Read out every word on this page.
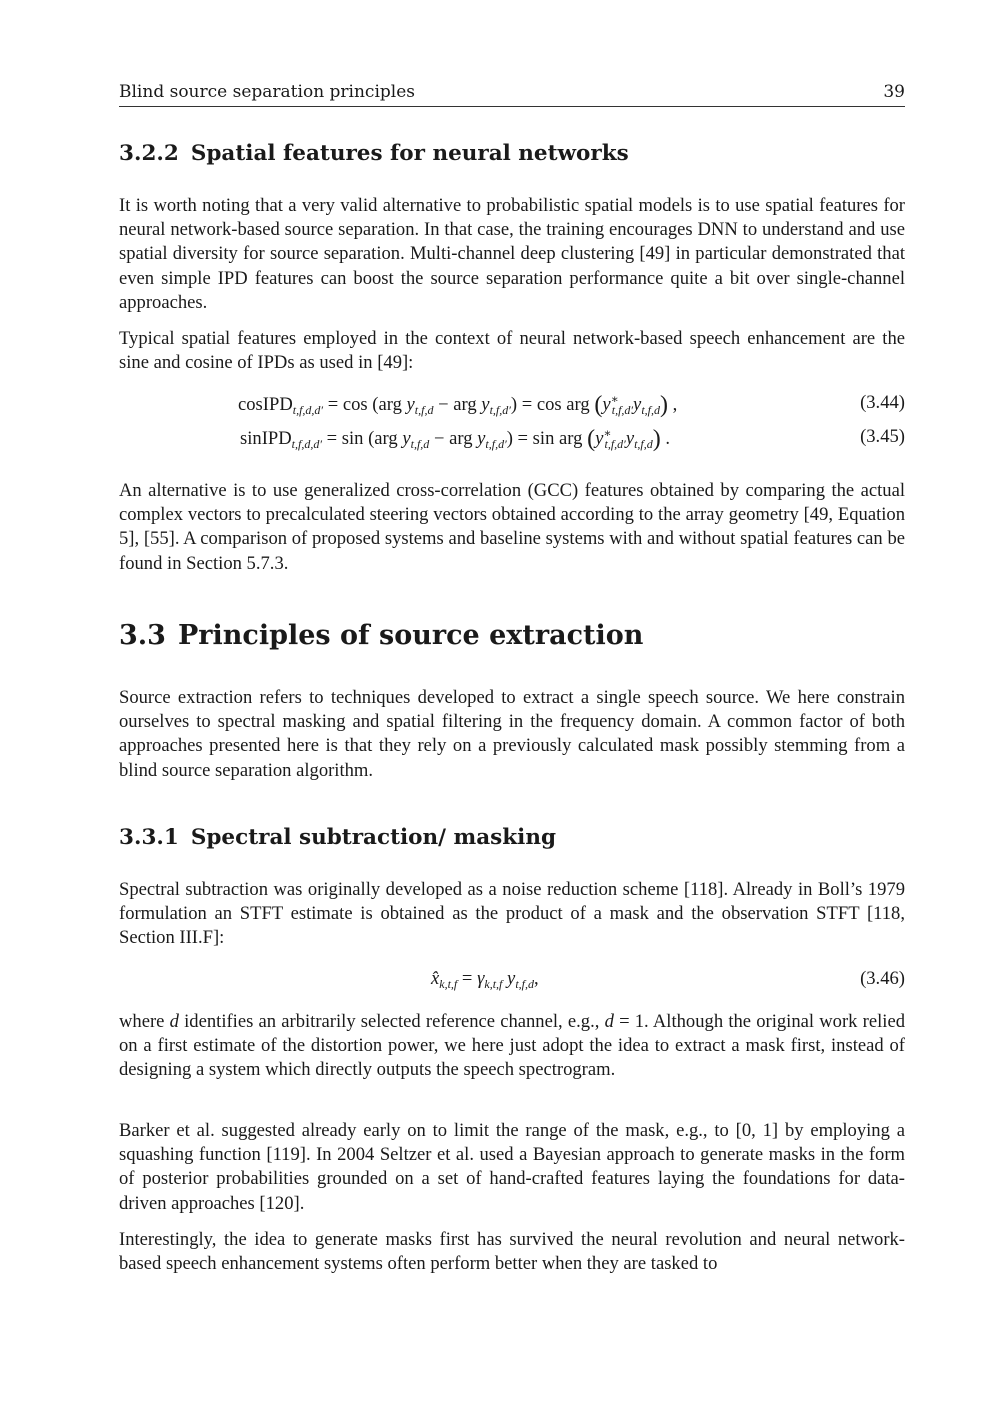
Blind source separation principles	39
3.2.2 Spatial features for neural networks
It is worth noting that a very valid alternative to probabilistic spatial models is to use spatial features for neural network-based source separation. In that case, the training encourages DNN to understand and use spatial diversity for source separation. Multi-channel deep clustering [49] in particular demonstrated that even simple IPD features can boost the source separation performance quite a bit over single-channel approaches.
Typical spatial features employed in the context of neural network-based speech enhancement are the sine and cosine of IPDs as used in [49]:
cosIPD$_{t,f,d,d'}$ = cos (arg $y_{t,f,d}$ − arg $y_{t,f,d'}) = \cos$ arg $(y^∗_{t,f,d'}y_{t,f,d})$ ,	(3.44)
sinIPD$_{t,f,d,d'}$ = sin (arg $y_{t,f,d}$ − arg $y_{t,f,d'}) = \sin$ arg $(y^∗_{t,f,d'}y_{t,f,d})$ .	(3.45)
An alternative is to use generalized cross-correlation (GCC) features obtained by comparing the actual complex vectors to precalculated steering vectors obtained according to the array geometry [49, Equation 5], [55]. A comparison of proposed systems and baseline systems with and without spatial features can be found in Section 5.7.3.
3.3 Principles of source extraction
Source extraction refers to techniques developed to extract a single speech source. We here constrain ourselves to spectral masking and spatial filtering in the frequency domain. A common factor of both approaches presented here is that they rely on a previously calculated mask possibly stemming from a blind source separation algorithm.
3.3.1 Spectral subtraction/ masking
Spectral subtraction was originally developed as a noise reduction scheme [118]. Already in Boll’s 1979 formulation an STFT estimate is obtained as the product of a mask and the observation STFT [118, Section III.F]:
$x̂_{k,t,f} = \gamma_{k,t,f}$ $y_{t,f,d}$,	(3.46)
where d identifies an arbitrarily selected reference channel, e.g., d = 1. Although the original work relied on a first estimate of the distortion power, we here just adopt the idea to extract a mask first, instead of designing a system which directly outputs the speech spectrogram.
Barker et al. suggested already early on to limit the range of the mask, e.g., to [0, 1] by employing a squashing function [119]. In 2004 Seltzer et al. used a Bayesian approach to generate masks in the form of posterior probabilities grounded on a set of hand-crafted features laying the foundations for data-driven approaches [120].
Interestingly, the idea to generate masks first has survived the neural revolution and neural network-based speech enhancement systems often perform better when they are tasked to
